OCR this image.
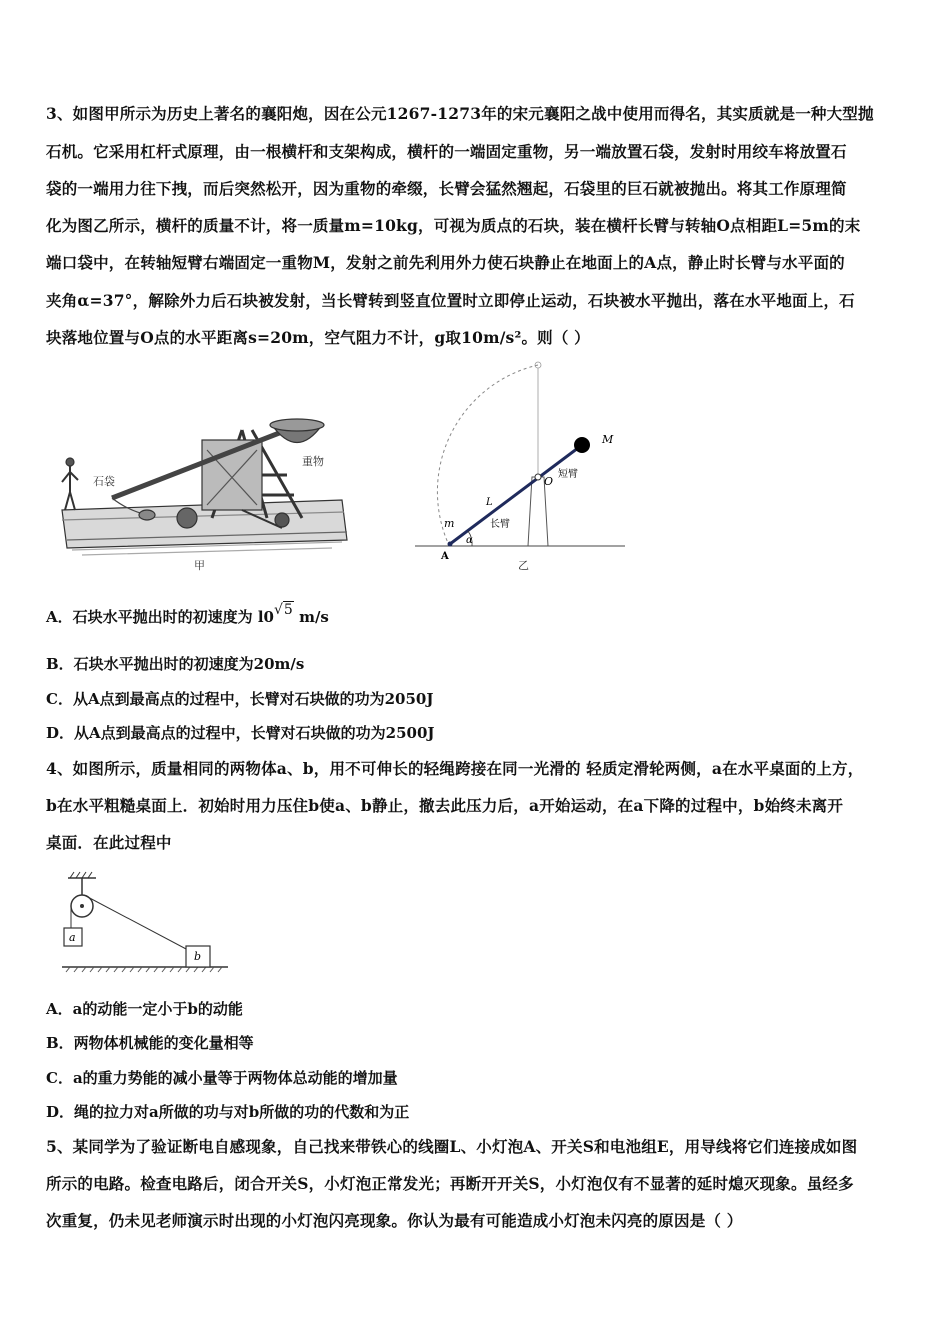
3、如图甲所示为历史上著名的襄阳炮，因在公元1267-1273年的宋元襄阳之战中使用而得名，其实质就是一种大型抛
石机。它采用杠杆式原理，由一根横杆和支架构成，横杆的一端固定重物，另一端放置石袋，发射时用绞车将放置石
袋的一端用力往下拽，而后突然松开，因为重物的牵缀，长臂会猛然翘起，石袋里的巨石就被抛出。将其工作原理简
化为图乙所示，横杆的质量不计，将一质量m=10kg，可视为质点的石块，装在横杆长臂与转轴O点相距L=5m的末
端口袋中，在转轴短臂右端固定一重物M，发射之前先利用外力使石块静止在地面上的A点，静止时长臂与水平面的
夹角α=37°，解除外力后石块被发射，当长臂转到竖直位置时立即停止运动，石块被水平抛出，落在水平地面上，石
块落地位置与O点的水平距离s=20m，空气阻力不计，g取10m/s²。则（ ）
石袋
重物
甲
M
O
短臂
L
长臂
m
α
A
乙
A．石块水平抛出时的初速度为 l0√5 m/s
B．石块水平抛出时的初速度为20m/s
C．从A点到最高点的过程中，长臂对石块做的功为2050J
D．从A点到最高点的过程中，长臂对石块做的功为2500J
4、如图所示，质量相同的两物体a、b，用不可伸长的轻绳跨接在同一光滑的 轻质定滑轮两侧，a在水平桌面的上方，
b在水平粗糙桌面上．初始时用力压住b使a、b静止，撤去此压力后，a开始运动，在a下降的过程中，b始终未离开
桌面．在此过程中
a
b
A．a的动能一定小于b的动能
B．两物体机械能的变化量相等
C．a的重力势能的减小量等于两物体总动能的增加量
D．绳的拉力对a所做的功与对b所做的功的代数和为正
5、某同学为了验证断电自感现象，自己找来带铁心的线圈L、小灯泡A、开关S和电池组E，用导线将它们连接成如图
所示的电路。检查电路后，闭合开关S，小灯泡正常发光；再断开开关S，小灯泡仅有不显著的延时熄灭现象。虽经多
次重复，仍未见老师演示时出现的小灯泡闪亮现象。你认为最有可能造成小灯泡未闪亮的原因是（ ）
